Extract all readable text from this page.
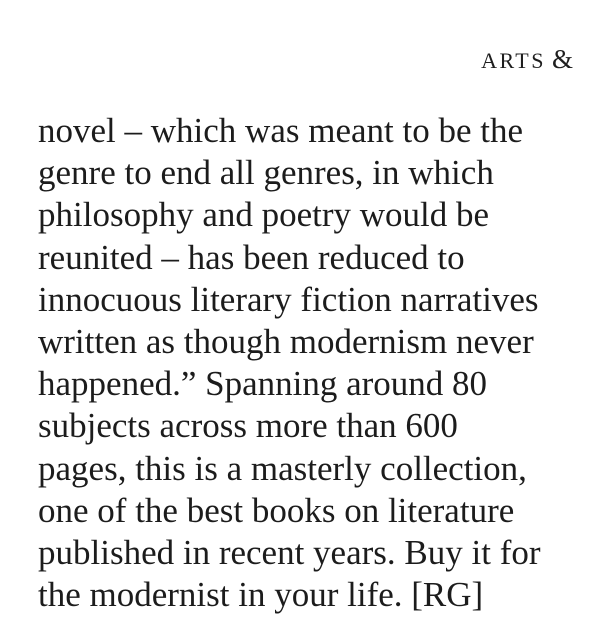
ARTS &
novel – which was meant to be the
genre to end all genres, in which
philosophy and poetry would be
reunited – has been reduced to
innocuous literary fiction narratives
written as though modernism never
happened.” Spanning around 80
subjects across more than 600
pages, this is a masterly collection,
one of the best books on literature
published in recent years. Buy it for
the modernist in your life. [RG]
